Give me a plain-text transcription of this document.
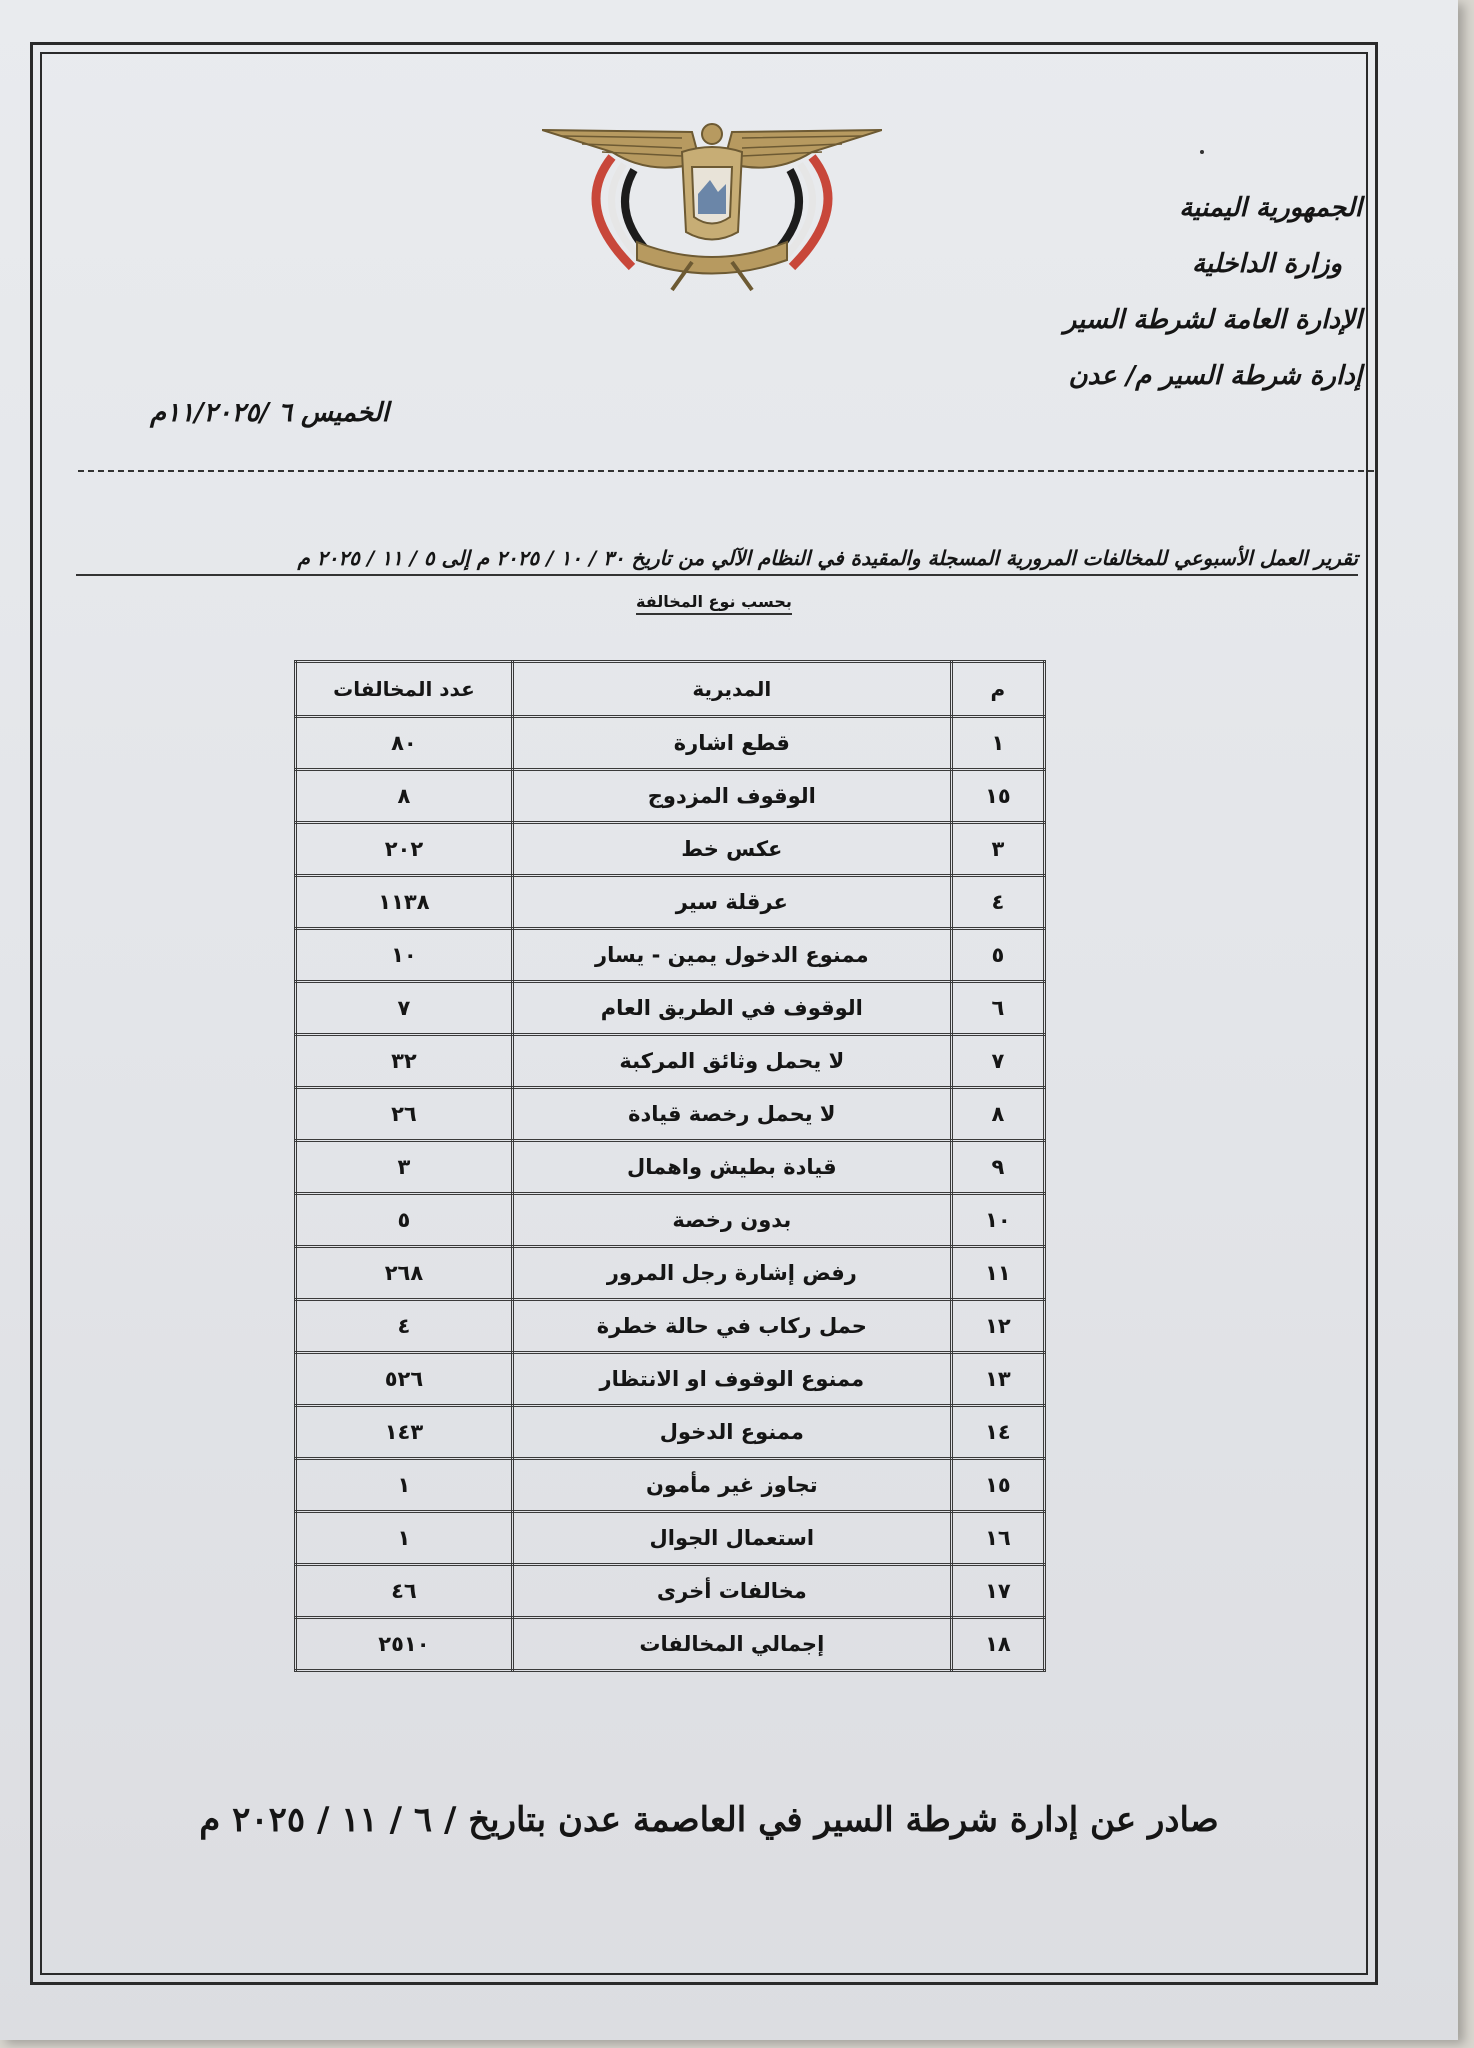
الجمهورية اليمنية
وزارة الداخلية
الإدارة العامة لشرطة السير
إدارة شرطة السير م/ عدن
الخميس ٦ /١١/٢٠٢٥م
تقرير العمل الأسبوعي للمخالفات المرورية المسجلة والمقيدة في النظام الآلي من تاريخ ٣٠ / ١٠ / ٢٠٢٥ م إلى ٥ / ١١ / ٢٠٢٥ م
بحسب نوع المخالفة
م	المديرية	عدد المخالفات
١	قطع اشارة	٨٠
١٥	الوقوف المزدوج	٨
٣	عكس خط	٢٠٢
٤	عرقلة سير	١١٣٨
٥	ممنوع الدخول يمين - يسار	١٠
٦	الوقوف في الطريق العام	٧
٧	لا يحمل وثائق المركبة	٣٢
٨	لا يحمل رخصة قيادة	٢٦
٩	قيادة بطيش واهمال	٣
١٠	بدون رخصة	٥
١١	رفض إشارة رجل المرور	٢٦٨
١٢	حمل ركاب في حالة خطرة	٤
١٣	ممنوع الوقوف او الانتظار	٥٢٦
١٤	ممنوع الدخول	١٤٣
١٥	تجاوز غير مأمون	١
١٦	استعمال الجوال	١
١٧	مخالفات أخرى	٤٦
١٨	إجمالي المخالفات	٢٥١٠
صادر عن إدارة شرطة السير في العاصمة عدن بتاريخ / ٦ / ١١ / ٢٠٢٥ م
